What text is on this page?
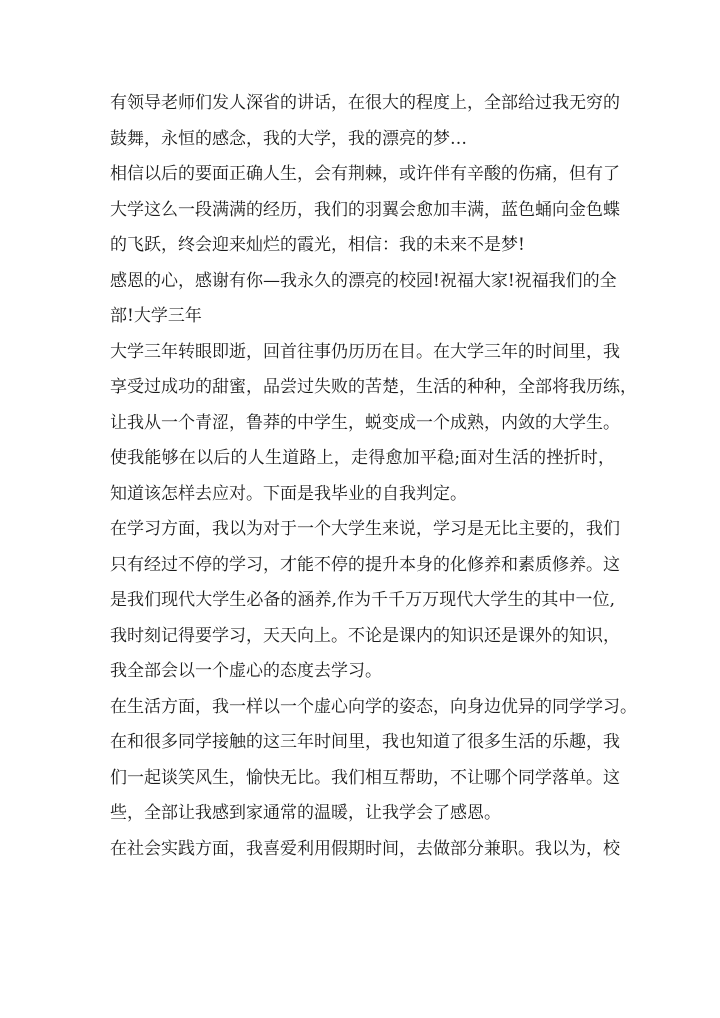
有领导老师们发人深省的讲话，在很大的程度上，全部给过我无穷的
鼓舞，永恒的感念，我的大学，我的漂亮的梦…
相信以后的要面正确人生，会有荆棘，或许伴有辛酸的伤痛，但有了
大学这么一段满满的经历，我们的羽翼会愈加丰满，蓝色蛹向金色蝶
的飞跃，终会迎来灿烂的霞光，相信：我的未来不是梦!
感恩的心，感谢有你—我永久的漂亮的校园!祝福大家!祝福我们的全
部!大学三年
大学三年转眼即逝，回首往事仍历历在目。在大学三年的时间里，我
享受过成功的甜蜜，品尝过失败的苦楚，生活的种种，全部将我历练，
让我从一个青涩，鲁莽的中学生，蜕变成一个成熟，内敛的大学生。
使我能够在以后的人生道路上，走得愈加平稳;面对生活的挫折时，
知道该怎样去应对。下面是我毕业的自我判定。
在学习方面，我以为对于一个大学生来说，学习是无比主要的，我们
只有经过不停的学习，才能不停的提升本身的化修养和素质修养。这
是我们现代大学生必备的涵养,作为千千万万现代大学生的其中一位,
我时刻记得要学习，天天向上。不论是课内的知识还是课外的知识，
我全部会以一个虚心的态度去学习。
在生活方面，我一样以一个虚心向学的姿态，向身边优异的同学学习。
在和很多同学接触的这三年时间里，我也知道了很多生活的乐趣，我
们一起谈笑风生，愉快无比。我们相互帮助，不让哪个同学落单。这
些，全部让我感到家通常的温暖，让我学会了感恩。
在社会实践方面，我喜爱利用假期时间，去做部分兼职。我以为，校
